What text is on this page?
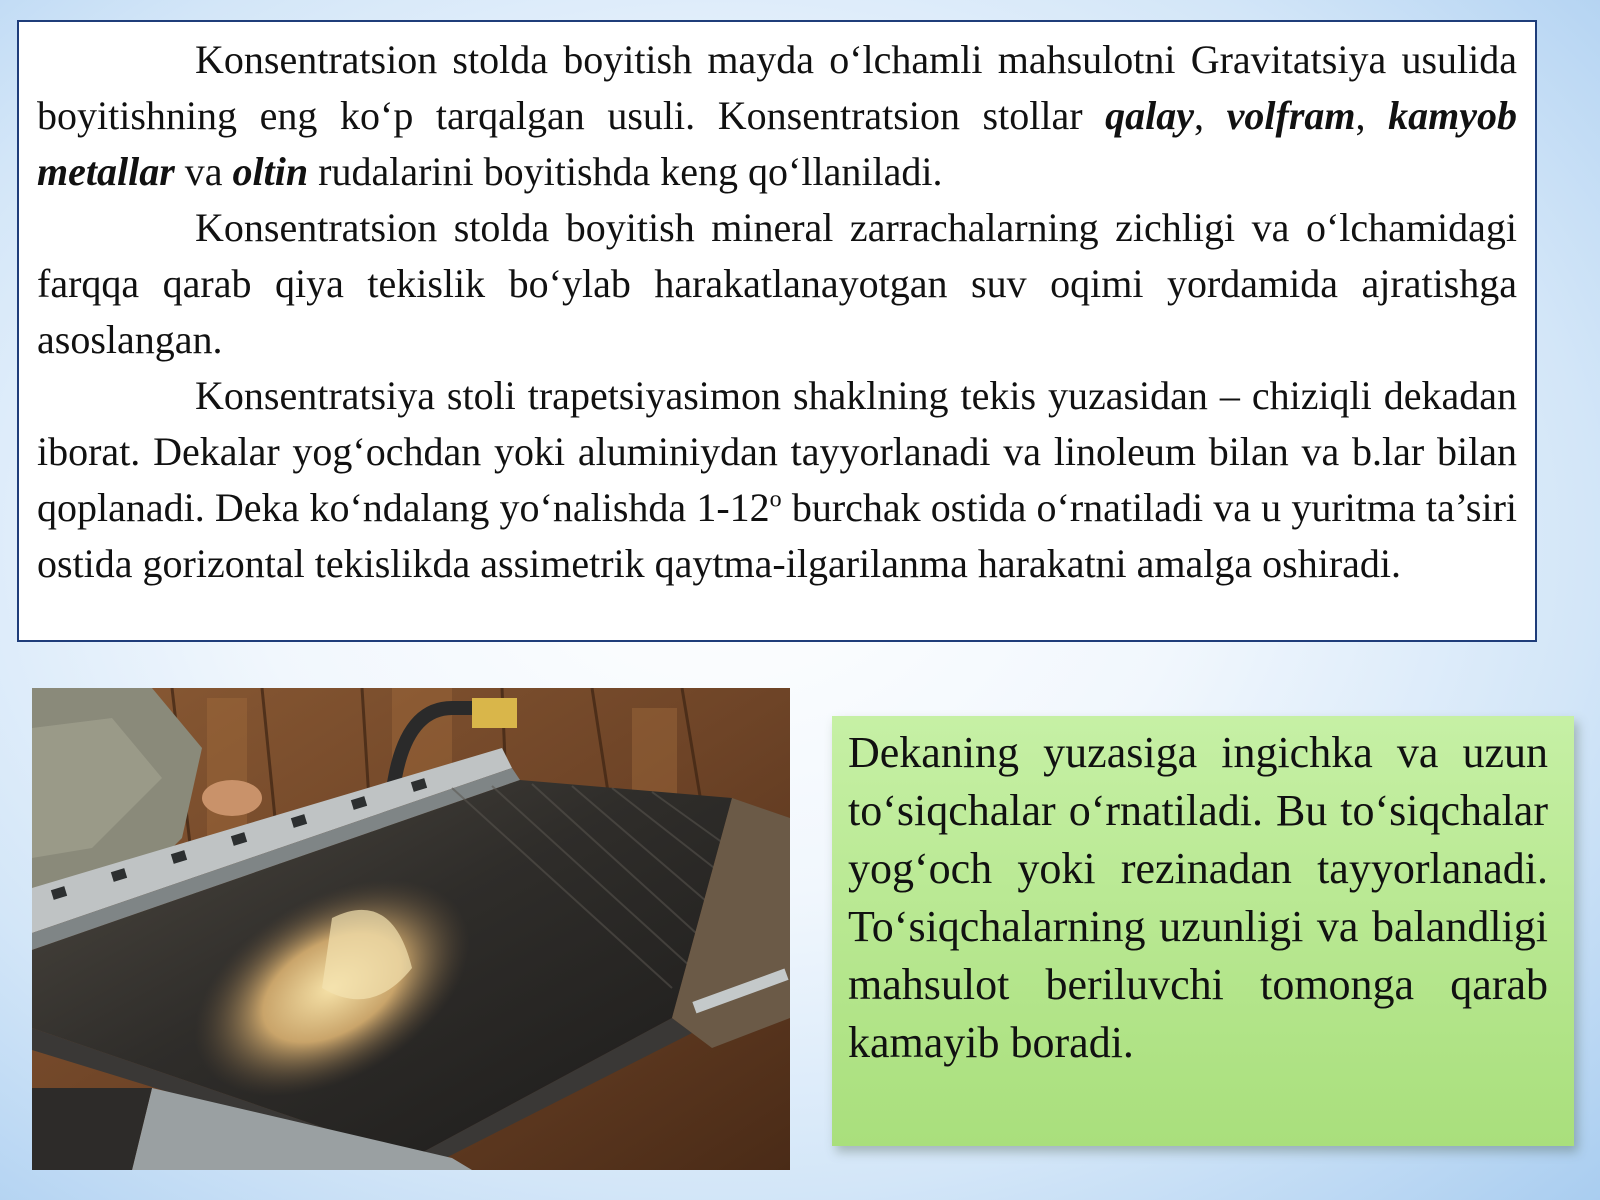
Konsentratsion stolda boyitish mayda o‘lchamli mahsulotni Gravitatsiya usulida boyitishning eng ko‘p tarqalgan usuli. Konsentratsion stollar qalay, volfram, kamyob metallar va oltin rudalarini boyitishda keng qo‘llaniladi.

Konsentratsion stolda boyitish mineral zarrachalarning zichligi va o‘lchamidagi farqqa qarab qiya tekislik bo‘ylab harakatlanayotgan suv oqimi yordamida ajratishga asoslangan.

Konsentratsiya stoli trapetsiyasimon shaklning tekis yuzasidan – chiziqli dekadan iborat. Dekalar yog‘ochdan yoki aluminiydan tayyorlanadi va linoleum bilan va b.lar bilan qoplanadi. Deka ko‘ndalang yo‘nalishda 1-12$^o$ burchak ostida o‘rnatiladi va u yuritma ta’siri ostida gorizontal tekislikda assimetrik qaytma-ilgarilanma harakatni amalga oshiradi.

Dekaning yuzasiga ingichka va uzun to‘siqchalar o‘rnatiladi. Bu to‘siqchalar yog‘och yoki rezinadan tayyorlanadi. To‘siqchalarning uzunligi va balandligi mahsulot beriluvchi tomonga qarab kamayib boradi.
